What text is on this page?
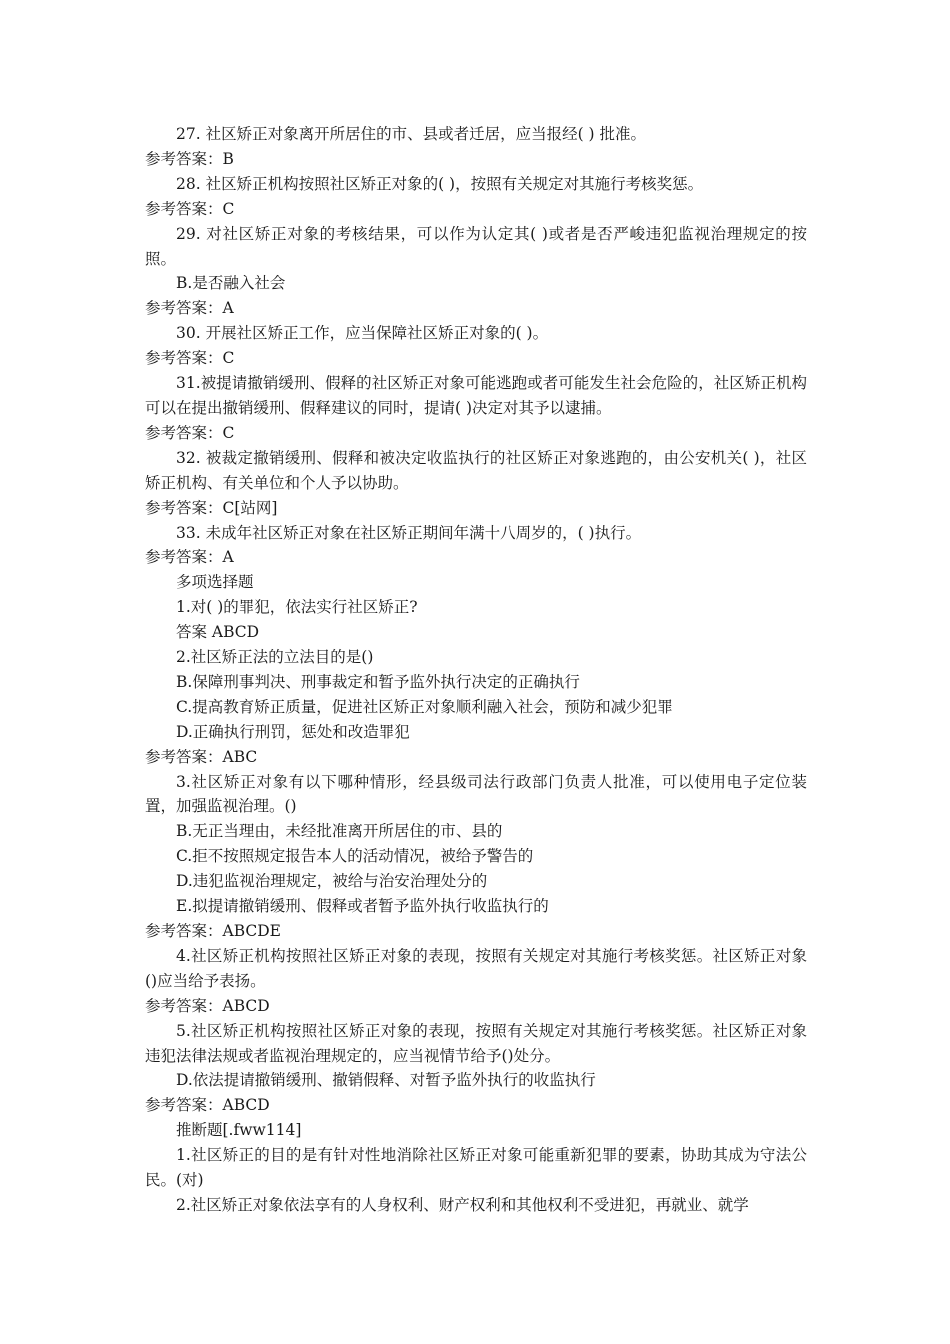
27. 社区矫正对象离开所居住的市、县或者迁居，应当报经( ) 批准。

参考答案：B

28. 社区矫正机构按照社区矫正对象的( )，按照有关规定对其施行考核奖惩。

参考答案：C

29. 对社区矫正对象的考核结果，可以作为认定其( )或者是否严峻违犯监视治理规定的按照。

B.是否融入社会

参考答案：A

30. 开展社区矫正工作，应当保障社区矫正对象的( )。

参考答案：C

31.被提请撤销缓刑、假释的社区矫正对象可能逃跑或者可能发生社会危险的，社区矫正机构可以在提出撤销缓刑、假释建议的同时，提请( )决定对其予以逮捕。

参考答案：C

32. 被裁定撤销缓刑、假释和被决定收监执行的社区矫正对象逃跑的，由公安机关( )，社区矫正机构、有关单位和个人予以协助。

参考答案：C[站网]

33. 未成年社区矫正对象在社区矫正期间年满十八周岁的，( )执行。

参考答案：A

多项选择题

1.对( )的罪犯，依法实行社区矫正?

答案 ABCD

2.社区矫正法的立法目的是()

B.保障刑事判决、刑事裁定和暂予监外执行决定的正确执行

C.提高教育矫正质量，促进社区矫正对象顺利融入社会，预防和减少犯罪

D.正确执行刑罚，惩处和改造罪犯

参考答案：ABC

3.社区矫正对象有以下哪种情形，经县级司法行政部门负责人批准，可以使用电子定位装置，加强监视治理。()

B.无正当理由，未经批准离开所居住的市、县的

C.拒不按照规定报告本人的活动情况，被给予警告的

D.违犯监视治理规定，被给与治安治理处分的

E.拟提请撤销缓刑、假释或者暂予监外执行收监执行的

参考答案：ABCDE

4.社区矫正机构按照社区矫正对象的表现，按照有关规定对其施行考核奖惩。社区矫正对象()应当给予表扬。

参考答案：ABCD

5.社区矫正机构按照社区矫正对象的表现，按照有关规定对其施行考核奖惩。社区矫正对象违犯法律法规或者监视治理规定的，应当视情节给予()处分。

D.依法提请撤销缓刑、撤销假释、对暂予监外执行的收监执行

参考答案：ABCD

推断题[.fww114]

1.社区矫正的目的是有针对性地消除社区矫正对象可能重新犯罪的要素，协助其成为守法公民。(对)

2.社区矫正对象依法享有的人身权利、财产权利和其他权利不受进犯，再就业、就学
